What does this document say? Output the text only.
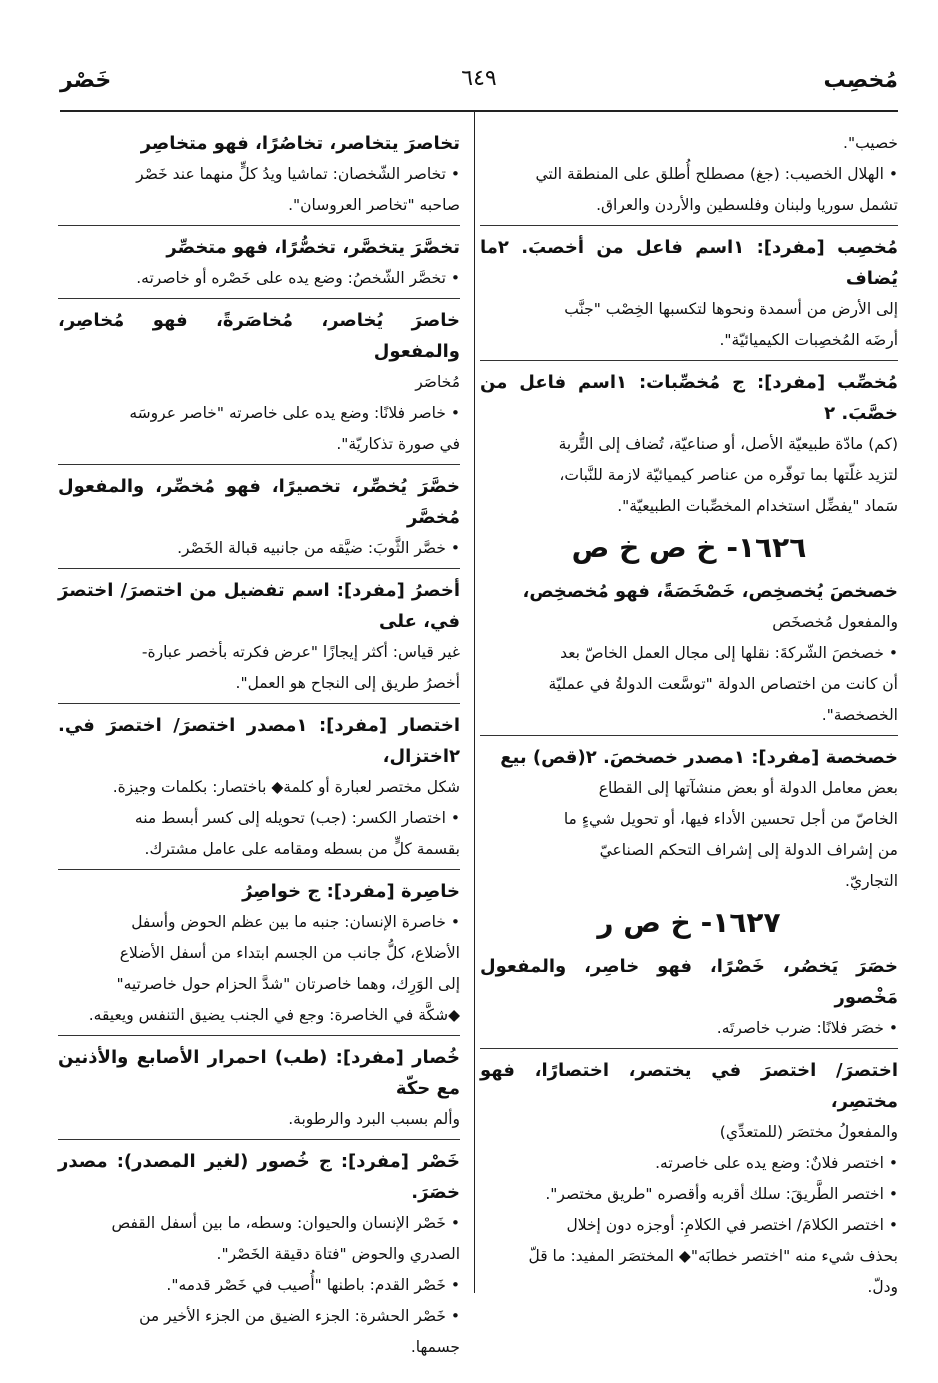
مُخصِب
٦٤٩
خَصْر

خصيب".

• الهلال الخصيب: (جغ) مصطلح أُطلق على المنطقة التي

تشمل سوريا ولبنان وفلسطين والأردن والعراق.

مُخصِب [مفرد]: ١اسم فاعل من أخصبَ. ٢ما يُضاف

إلى الأرض من أسمدة ونحوها لتكسبها الخِصْب "جنَّب

أرضَه المُخصِبات الكيميائيّة".

مُخصِّب [مفرد]: ج مُخصِّبات: ١اسم فاعل من خصَّبَ. ٢

(كم) مادّة طبيعيّة الأصل، أو صناعيّة، تُضاف إلى التُّربة

لتزيد غلّتها بما توفّره من عناصر كيميائيّة لازمة للنَّبات،

سَماد "يفضِّل استخدام المخصِّبات الطبيعيّة".

١٦٢٦- خ ص خ ص

خصخصَ يُخصخِص، خَصْخَصَةً، فهو مُخصخِص،

والمفعول مُخصخَص

• خصخصَ الشّركةَ: نقلها إلى مجال العمل الخاصّ بعد

أن كانت من اختصاص الدولة "توسَّعت الدولةُ في عمليّة

الخصخصة".

خصخصة [مفرد]: ١مصدر خصخصَ. ٢(قص) بيع

بعض معامل الدولة أو بعض منشآتها إلى القطاع

الخاصّ من أجل تحسين الأداء فيها، أو تحويل شيءٍ ما

من إشراف الدولة إلى إشراف التحكم الصناعيّ

التجاريّ.

١٦٢٧- خ ص ر

خصَرَ يَخصُر، خَصْرًا، فهو خاصِر، والمفعول مَخْصور

• خصَر فلانًا: ضرب خاصرتَه.

اختصرَ/ اختصرَ في يختصر، اختصارًا، فهو مختصِر،

والمفعولُ مختصَر (للمتعدِّي)

• اختصر فلانٌ: وضع يده على خاصرته.

• اختصر الطَّريقَ: سلك أقربه وأقصره "طريق مختصر".

• اختصر الكلامَ/ اختصر في الكلامِ: أوجزه دون إخلال

بحذف شيء منه "اختصر خطابَه"◆ المختصَر المفيد: ما قلّ

ودلّ.

تخاصرَ يتخاصر، تخاصُرًا، فهو متخاصِر

• تخاصر الشّخصان: تماشيا ويدُ كلٍّ منهما عند خَصْر

صاحبه "تخاصر العروسان".

تخصَّرَ يتخصَّر، تخصُّرًا، فهو متخصِّر

• تخصَّر الشّخصُ: وضع يده على خَصْره أو خاصرته.

خاصرَ يُخاصر، مُخاصَرةً، فهو مُخاصِر، والمفعول

مُخاصَر

• خاصر فلانًا: وضع يده على خاصرته "خاصر عروسَه

في صورة تذكاريّة".

خصَّرَ يُخصِّر، تخصيرًا، فهو مُخصِّر، والمفعول مُخصَّر

• خصَّر الثَّوبَ: ضيَّقه من جانبيه قبالة الخَصْر.

أخصرُ [مفرد]: اسم تفضيل من اختصرَ/ اختصرَ في، على

غير قياس: أكثر إيجازًا "عرض فكرته بأخصر عبارة-

أخصرُ طريق إلى النجاح هو العمل".

اختصار [مفرد]: ١مصدر اختصرَ/ اختصرَ في. ٢اختزال،

شكل مختصر لعبارة أو كلمة◆ باختصار: بكلمات وجيزة.

• اختصار الكسر: (جب) تحويله إلى كسر أبسط منه

بقسمة كلٍّ من بسطه ومقامه على عامل مشترك.

خاصِرة [مفرد]: ج خواصِرُ

• خاصرة الإنسان: جنبه ما بين عظم الحوض وأسفل

الأضلاع، كلُّ جانب من الجسم ابتداء من أسفل الأضلاع

إلى الوَرِك، وهما خاصرتان "شدَّ الحزام حول خاصرتيه"

◆شكَّة في الخاصرة: وجع في الجنب يضيق التنفس ويعيقه.

خُصار [مفرد]: (طب) احمرار الأصابع والأذنين مع حكّة

وألم بسبب البرد والرطوبة.

خَصْر [مفرد]: ج خُصور (لغير المصدر): مصدر خصَرَ.

• خَصْر الإنسان والحيوان: وسطه، ما بين أسفل القفص

الصدري والحوض "فتاة دقيقة الخَصْر".

• خَصْر القدم: باطنها "أُصيب في خَصْر قدمه".

• خَصْر الحشرة: الجزء الضيق من الجزء الأخير من

جسمها.
